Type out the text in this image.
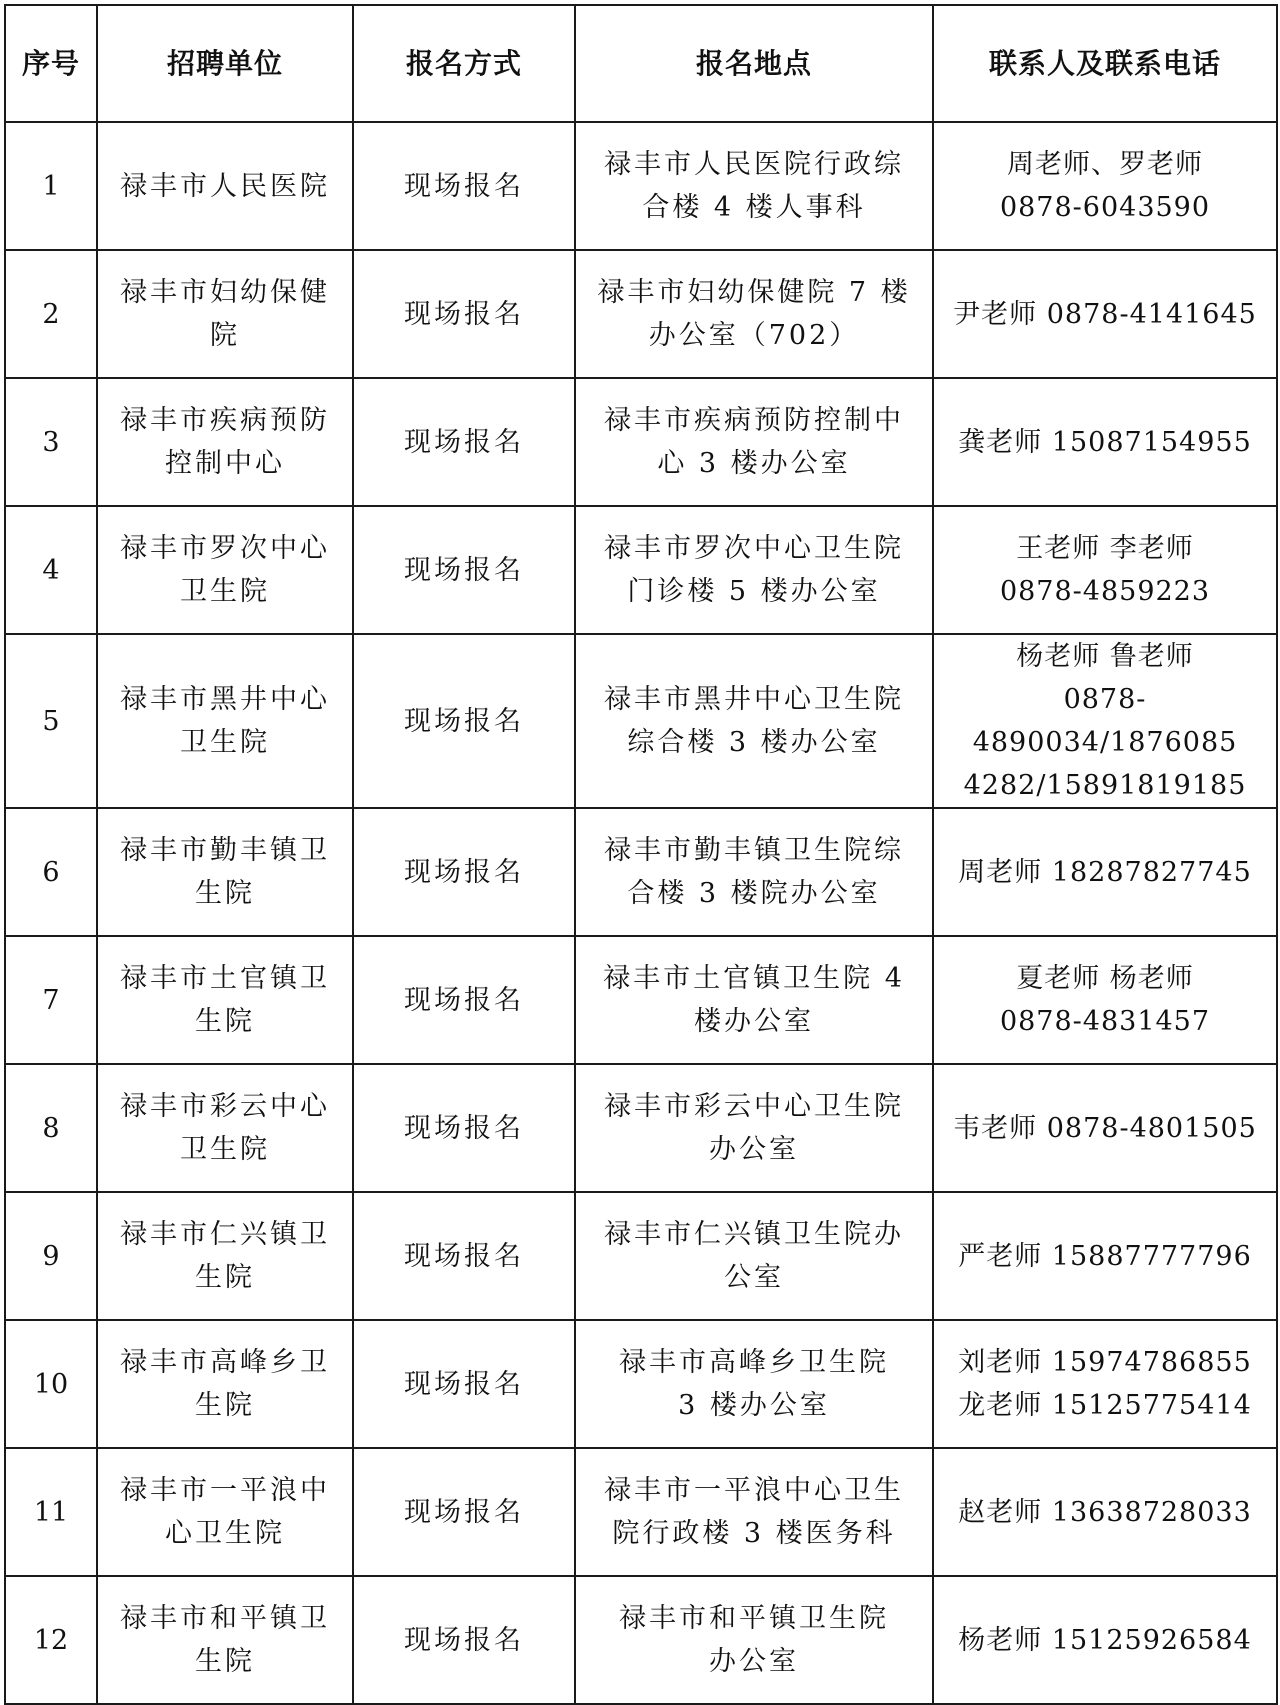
序号	招聘单位	报名方式	报名地点	联系人及联系电话
1	禄丰市人民医院	现场报名	禄丰市人民医院行政综
合楼 4 楼人事科	周老师、罗老师
0878-6043590

2	禄丰市妇幼保健
院	现场报名	禄丰市妇幼保健院 7 楼
办公室（702）	尹老师 0878-4141645

3	禄丰市疾病预防
控制中心	现场报名	禄丰市疾病预防控制中
心 3 楼办公室	龚老师 15087154955

4	禄丰市罗次中心
卫生院	现场报名	禄丰市罗次中心卫生院
门诊楼 5 楼办公室	王老师 李老师
0878-4859223

5	禄丰市黑井中心
卫生院	现场报名	禄丰市黑井中心卫生院
综合楼 3 楼办公室	杨老师 鲁老师
0878-4890034/1876085
4282/15891819185

6	禄丰市勤丰镇卫
生院	现场报名	禄丰市勤丰镇卫生院综
合楼 3 楼院办公室	周老师 18287827745

7	禄丰市土官镇卫
生院	现场报名	禄丰市土官镇卫生院 4
楼办公室	夏老师 杨老师
0878-4831457

8	禄丰市彩云中心
卫生院	现场报名	禄丰市彩云中心卫生院
办公室	韦老师 0878-4801505

9	禄丰市仁兴镇卫
生院	现场报名	禄丰市仁兴镇卫生院办
公室	严老师 15887777796

10	禄丰市高峰乡卫
生院	现场报名	禄丰市高峰乡卫生院
3 楼办公室	刘老师 15974786855
龙老师 15125775414

11	禄丰市一平浪中
心卫生院	现场报名	禄丰市一平浪中心卫生
院行政楼 3 楼医务科	赵老师 13638728033

12	禄丰市和平镇卫
生院	现场报名	禄丰市和平镇卫生院
办公室	杨老师 15125926584
